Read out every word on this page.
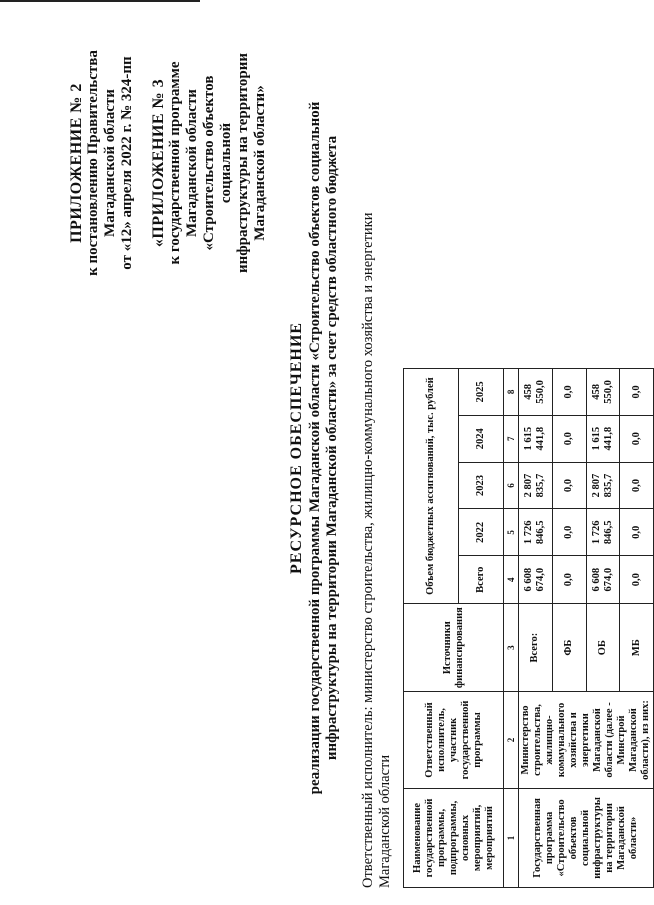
ПРИЛОЖЕНИЕ № 2 к постановлению Правительства Магаданской области от «12» апреля 2022 г. № 324-пп «ПРИЛОЖЕНИЕ № 3 к государственной программе Магаданской области «Строительство объектов социальной инфраструктуры на территории Магаданской области»
РЕСУРСНОЕ ОБЕСПЕЧЕНИЕ реализации государственной программы Магаданской области «Строительство объектов социальной инфраструктуры на территории Магаданской области» за счет средств областного бюджета Ответственный исполнитель: министерство строительства, жилищно-коммунального хозяйства и энергетики Магаданской области Наименование государственной программы, подпрограммы, основных мероприятий, мероприятий	Ответственный исполнитель, участник государственной программы	Источники финансирования	Объем бюджетных ассигнований, тыс. рублей				
			Всего	2022	2023	2024	2025
1	2	3	4	5	6	7	8
Государственная программа «Строительство объектов социальной инфраструктуры на территории Магаданской области»	Министерство строительства, жилищно-коммунального хозяйства и энергетики Магаданской области (далее - Минстрой Магаданской области), из них:	Всего:	6 608 674,0	1 726 846,5	2 807 835,7	1 615 441,8	458 550,0
		ФБ	0,0	0,0	0,0	0,0	0,0
		ОБ	6 608 674,0	1 726 846,5	2 807 835,7	1 615 441,8	458 550,0
		МБ	0,0	0,0	0,0	0,0	0,0
